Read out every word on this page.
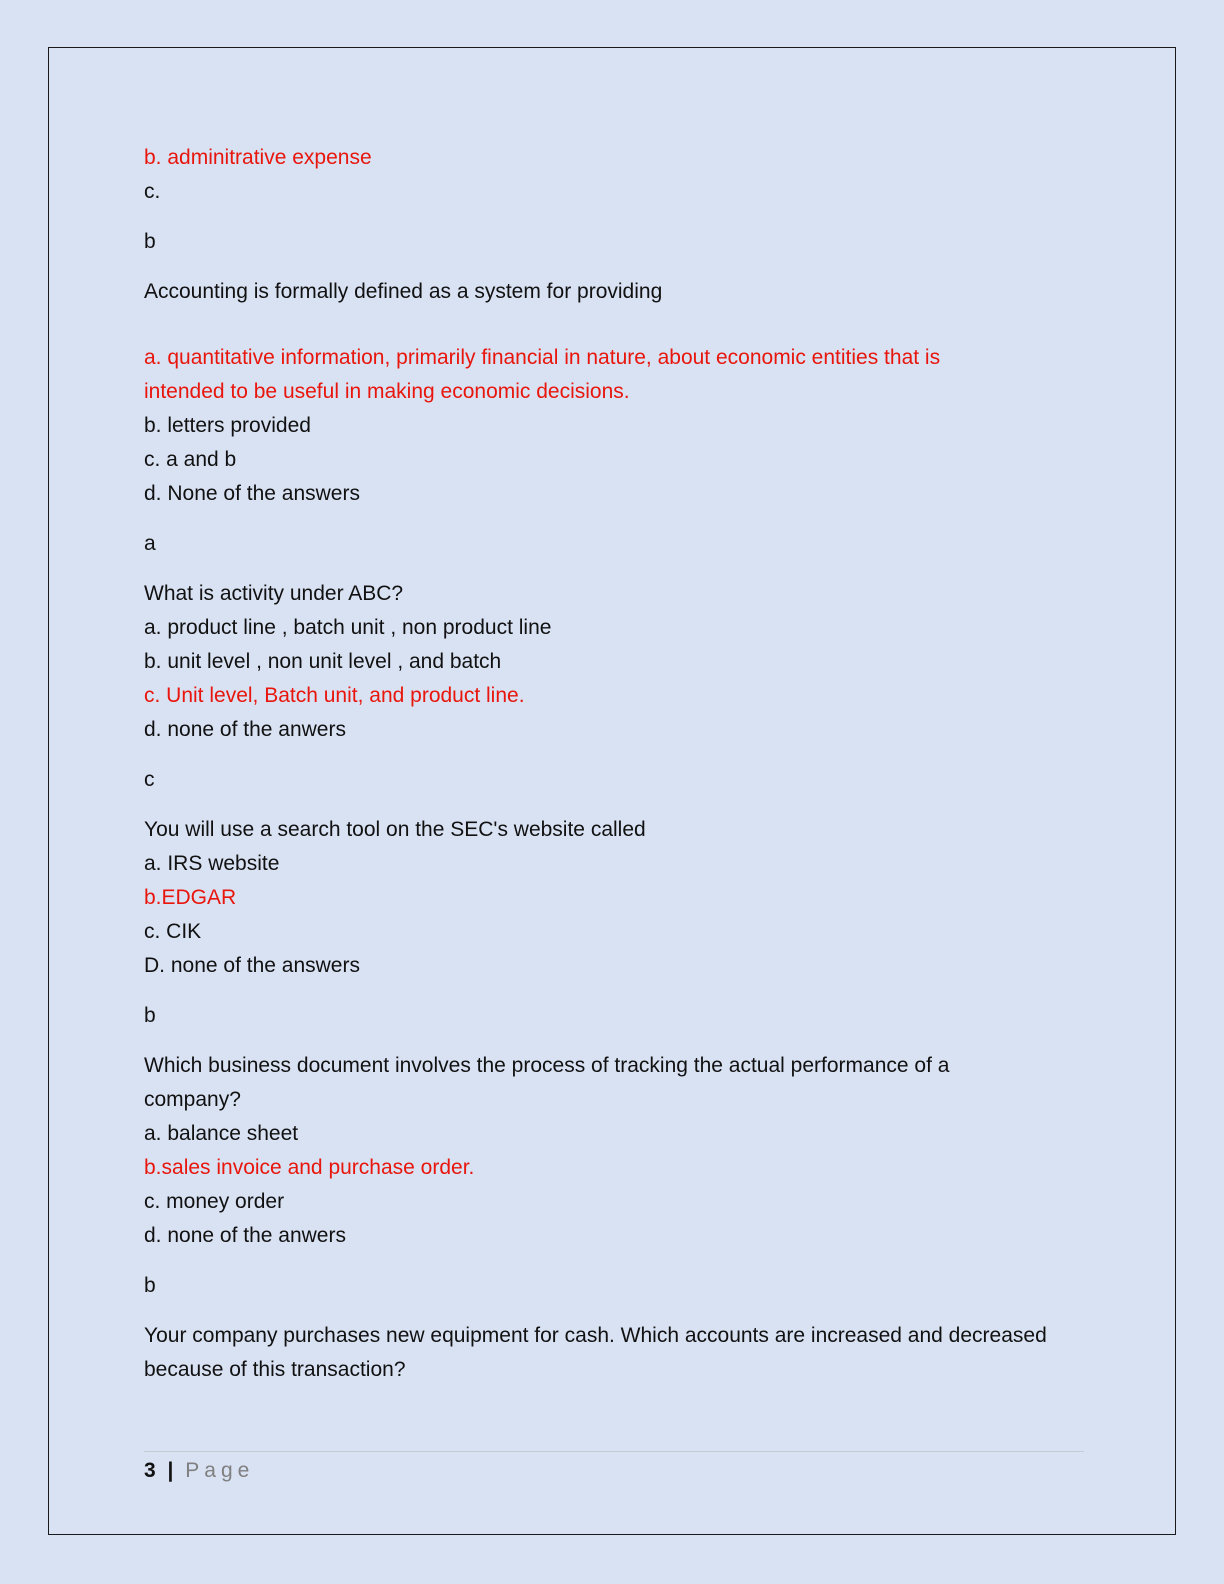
b. adminitrative expense
c.
b
Accounting is formally defined as a system for providing
a. quantitative information, primarily financial in nature, about economic entities that is
intended to be useful in making economic decisions.
b. letters provided
c. a and b
d. None of the answers
a
What is activity under ABC?
a. product line , batch unit , non product line
b. unit level , non unit level , and batch
c. Unit level, Batch unit, and product line.
d. none of the anwers
c
You will use a search tool on the SEC's website called
a. IRS website
b.EDGAR
c. CIK
D. none of the answers
b
Which business document involves the process of tracking the actual performance of a
company?
a. balance sheet
b.sales invoice and purchase order.
c. money order
d. none of the anwers
b
Your company purchases new equipment for cash. Which accounts are increased and decreased
because of this transaction?
3 | Page
